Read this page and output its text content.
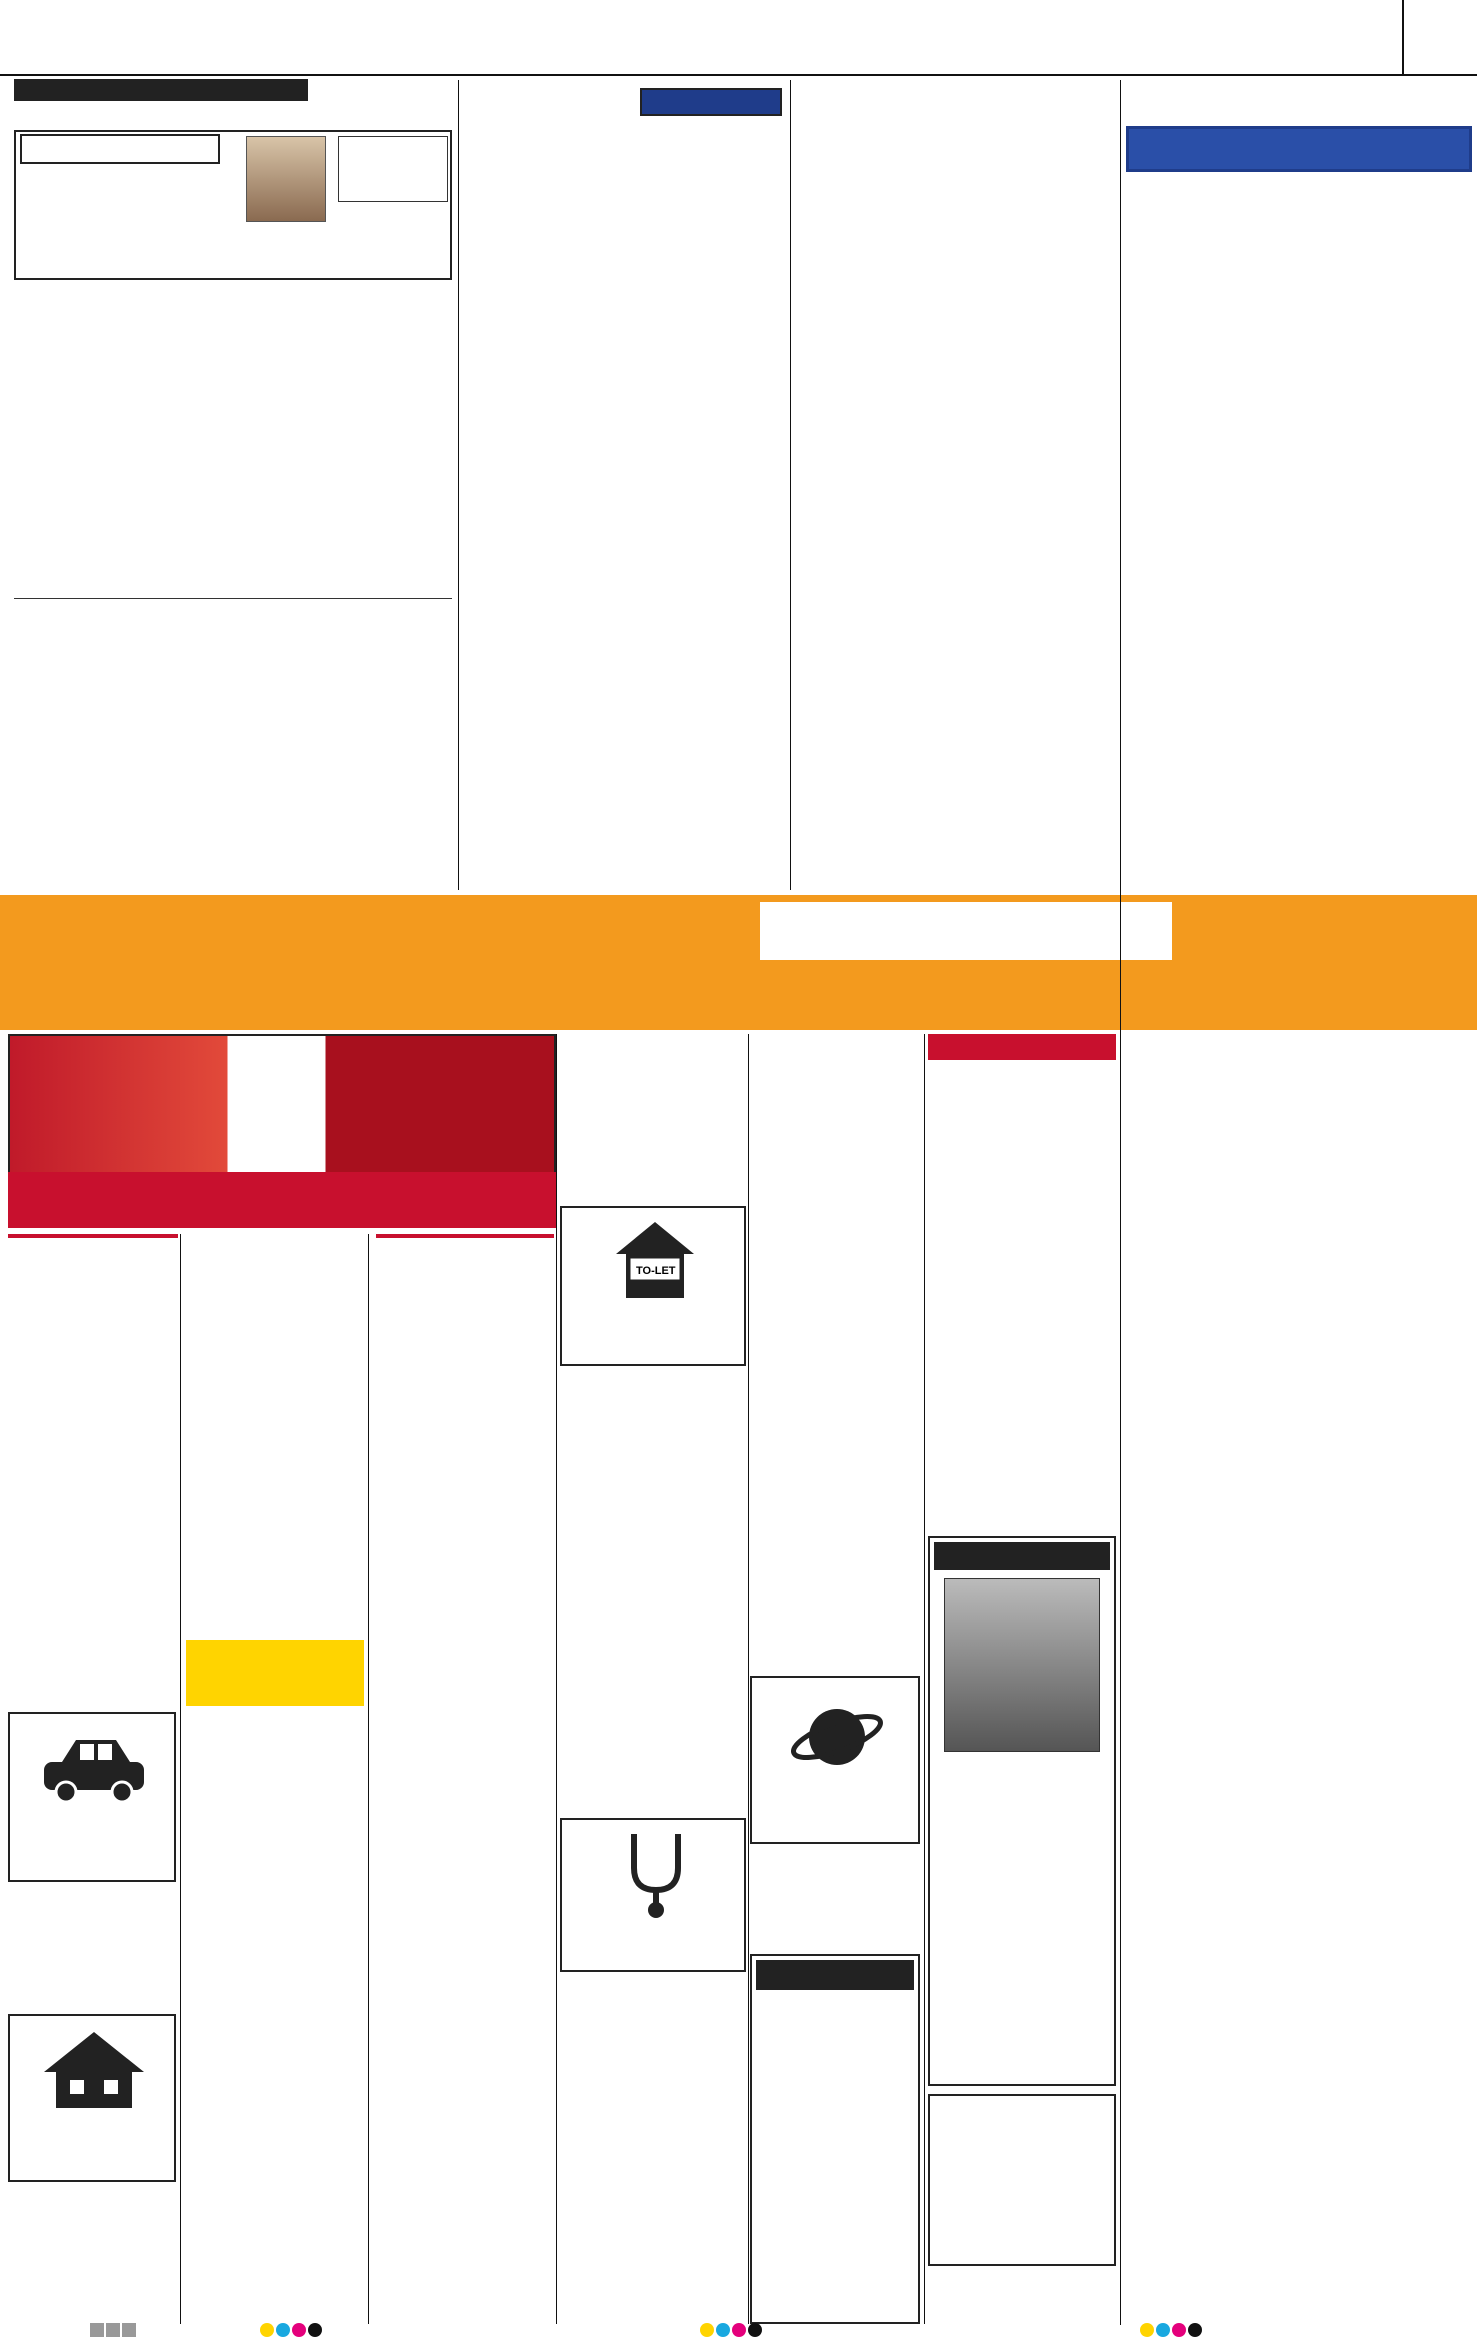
TO-LET
